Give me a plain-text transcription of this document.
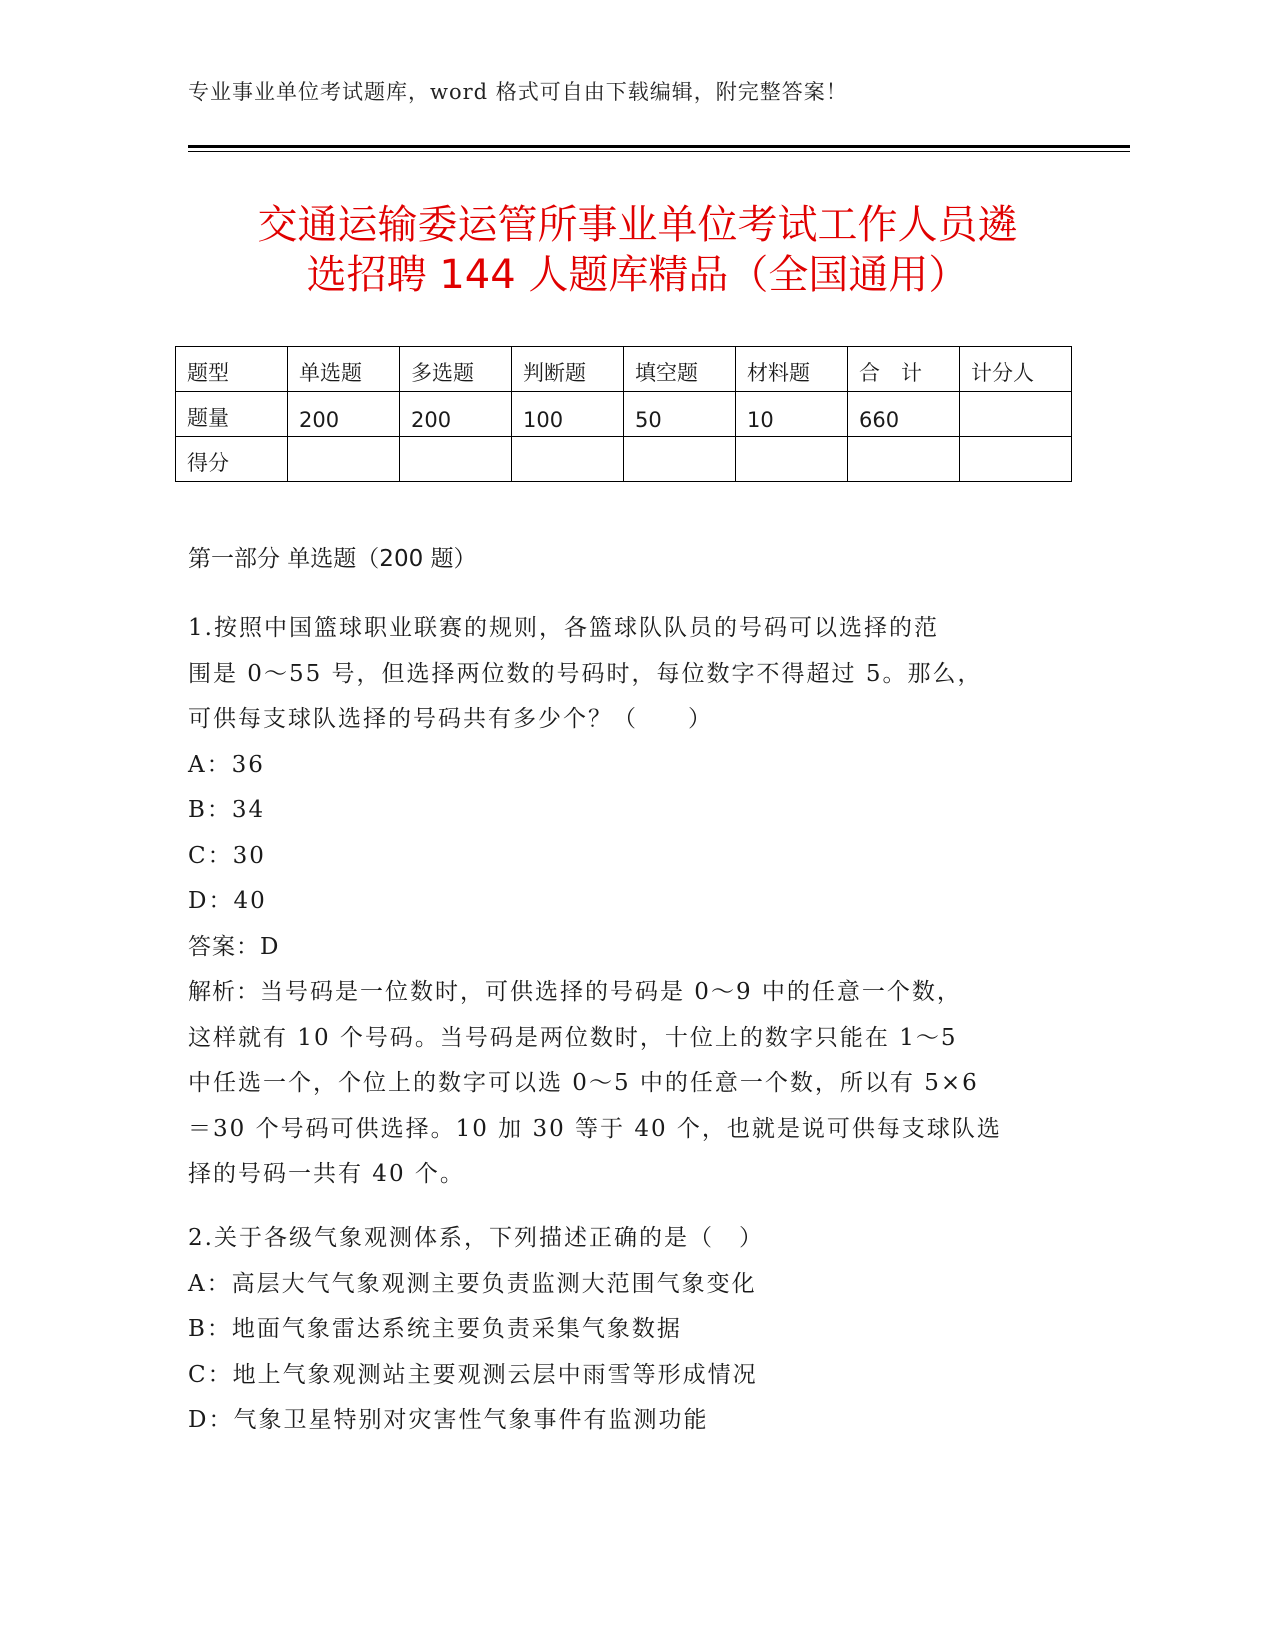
专业事业单位考试题库，word 格式可自由下载编辑，附完整答案！
交通运输委运管所事业单位考试工作人员遴
选招聘 144 人题库精品（全国通用）
题型	单选题	多选题	判断题	填空题	材料题	合　计	计分人
题量	200	200	100	50	10	660	
得分							
第一部分 单选题（200 题）

1.按照中国篮球职业联赛的规则，各篮球队队员的号码可以选择的范

围是 0～55 号，但选择两位数的号码时，每位数字不得超过 5。那么，

可供每支球队选择的号码共有多少个？（　　）

A：36

B：34

C：30

D：40

答案：D

解析：当号码是一位数时，可供选择的号码是 0～9 中的任意一个数，

这样就有 10 个号码。当号码是两位数时，十位上的数字只能在 1～5

中任选一个，个位上的数字可以选 0～5 中的任意一个数，所以有 5×6

＝30 个号码可供选择。10 加 30 等于 40 个，也就是说可供每支球队选

择的号码一共有 40 个。

2.关于各级气象观测体系，下列描述正确的是（　）

A：高层大气气象观测主要负责监测大范围气象变化

B：地面气象雷达系统主要负责采集气象数据

C：地上气象观测站主要观测云层中雨雪等形成情况

D：气象卫星特别对灾害性气象事件有监测功能
